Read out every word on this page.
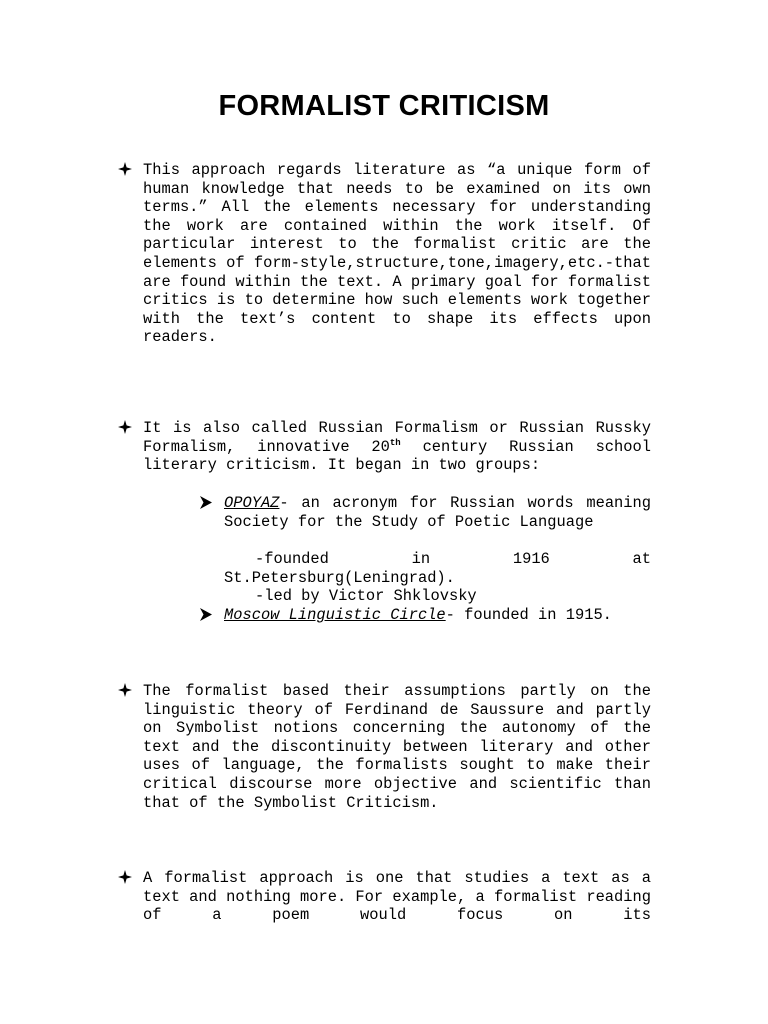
FORMALIST CRITICISM
This approach regards literature as “a unique form of human knowledge that needs to be examined on its own terms.” All the elements necessary for understanding the work are contained within the work itself. Of particular interest to the formalist critic are the elements of form-style,structure,tone,imagery,etc.-that are found within the text. A primary goal for formalist critics is to determine how such elements work together with the text’s content to shape its effects upon readers.
It is also called Russian Formalism or Russian Russky Formalism, innovative 20th century Russian school literary criticism. It began in two groups:
OPOYAZ- an acronym for Russian words meaning Society for the Study of Poetic Language
-founded in 1916 at St.Petersburg(Leningrad).
-led by Victor Shklovsky
Moscow Linguistic Circle- founded in 1915.
The formalist based their assumptions partly on the linguistic theory of Ferdinand de Saussure and partly on Symbolist notions concerning the autonomy of the text and the discontinuity between literary and other uses of language, the formalists sought to make their critical discourse more objective and scientific than that of the Symbolist Criticism.
A formalist approach is one that studies a text as a text and nothing more. For example, a formalist reading of a poem would focus on its
